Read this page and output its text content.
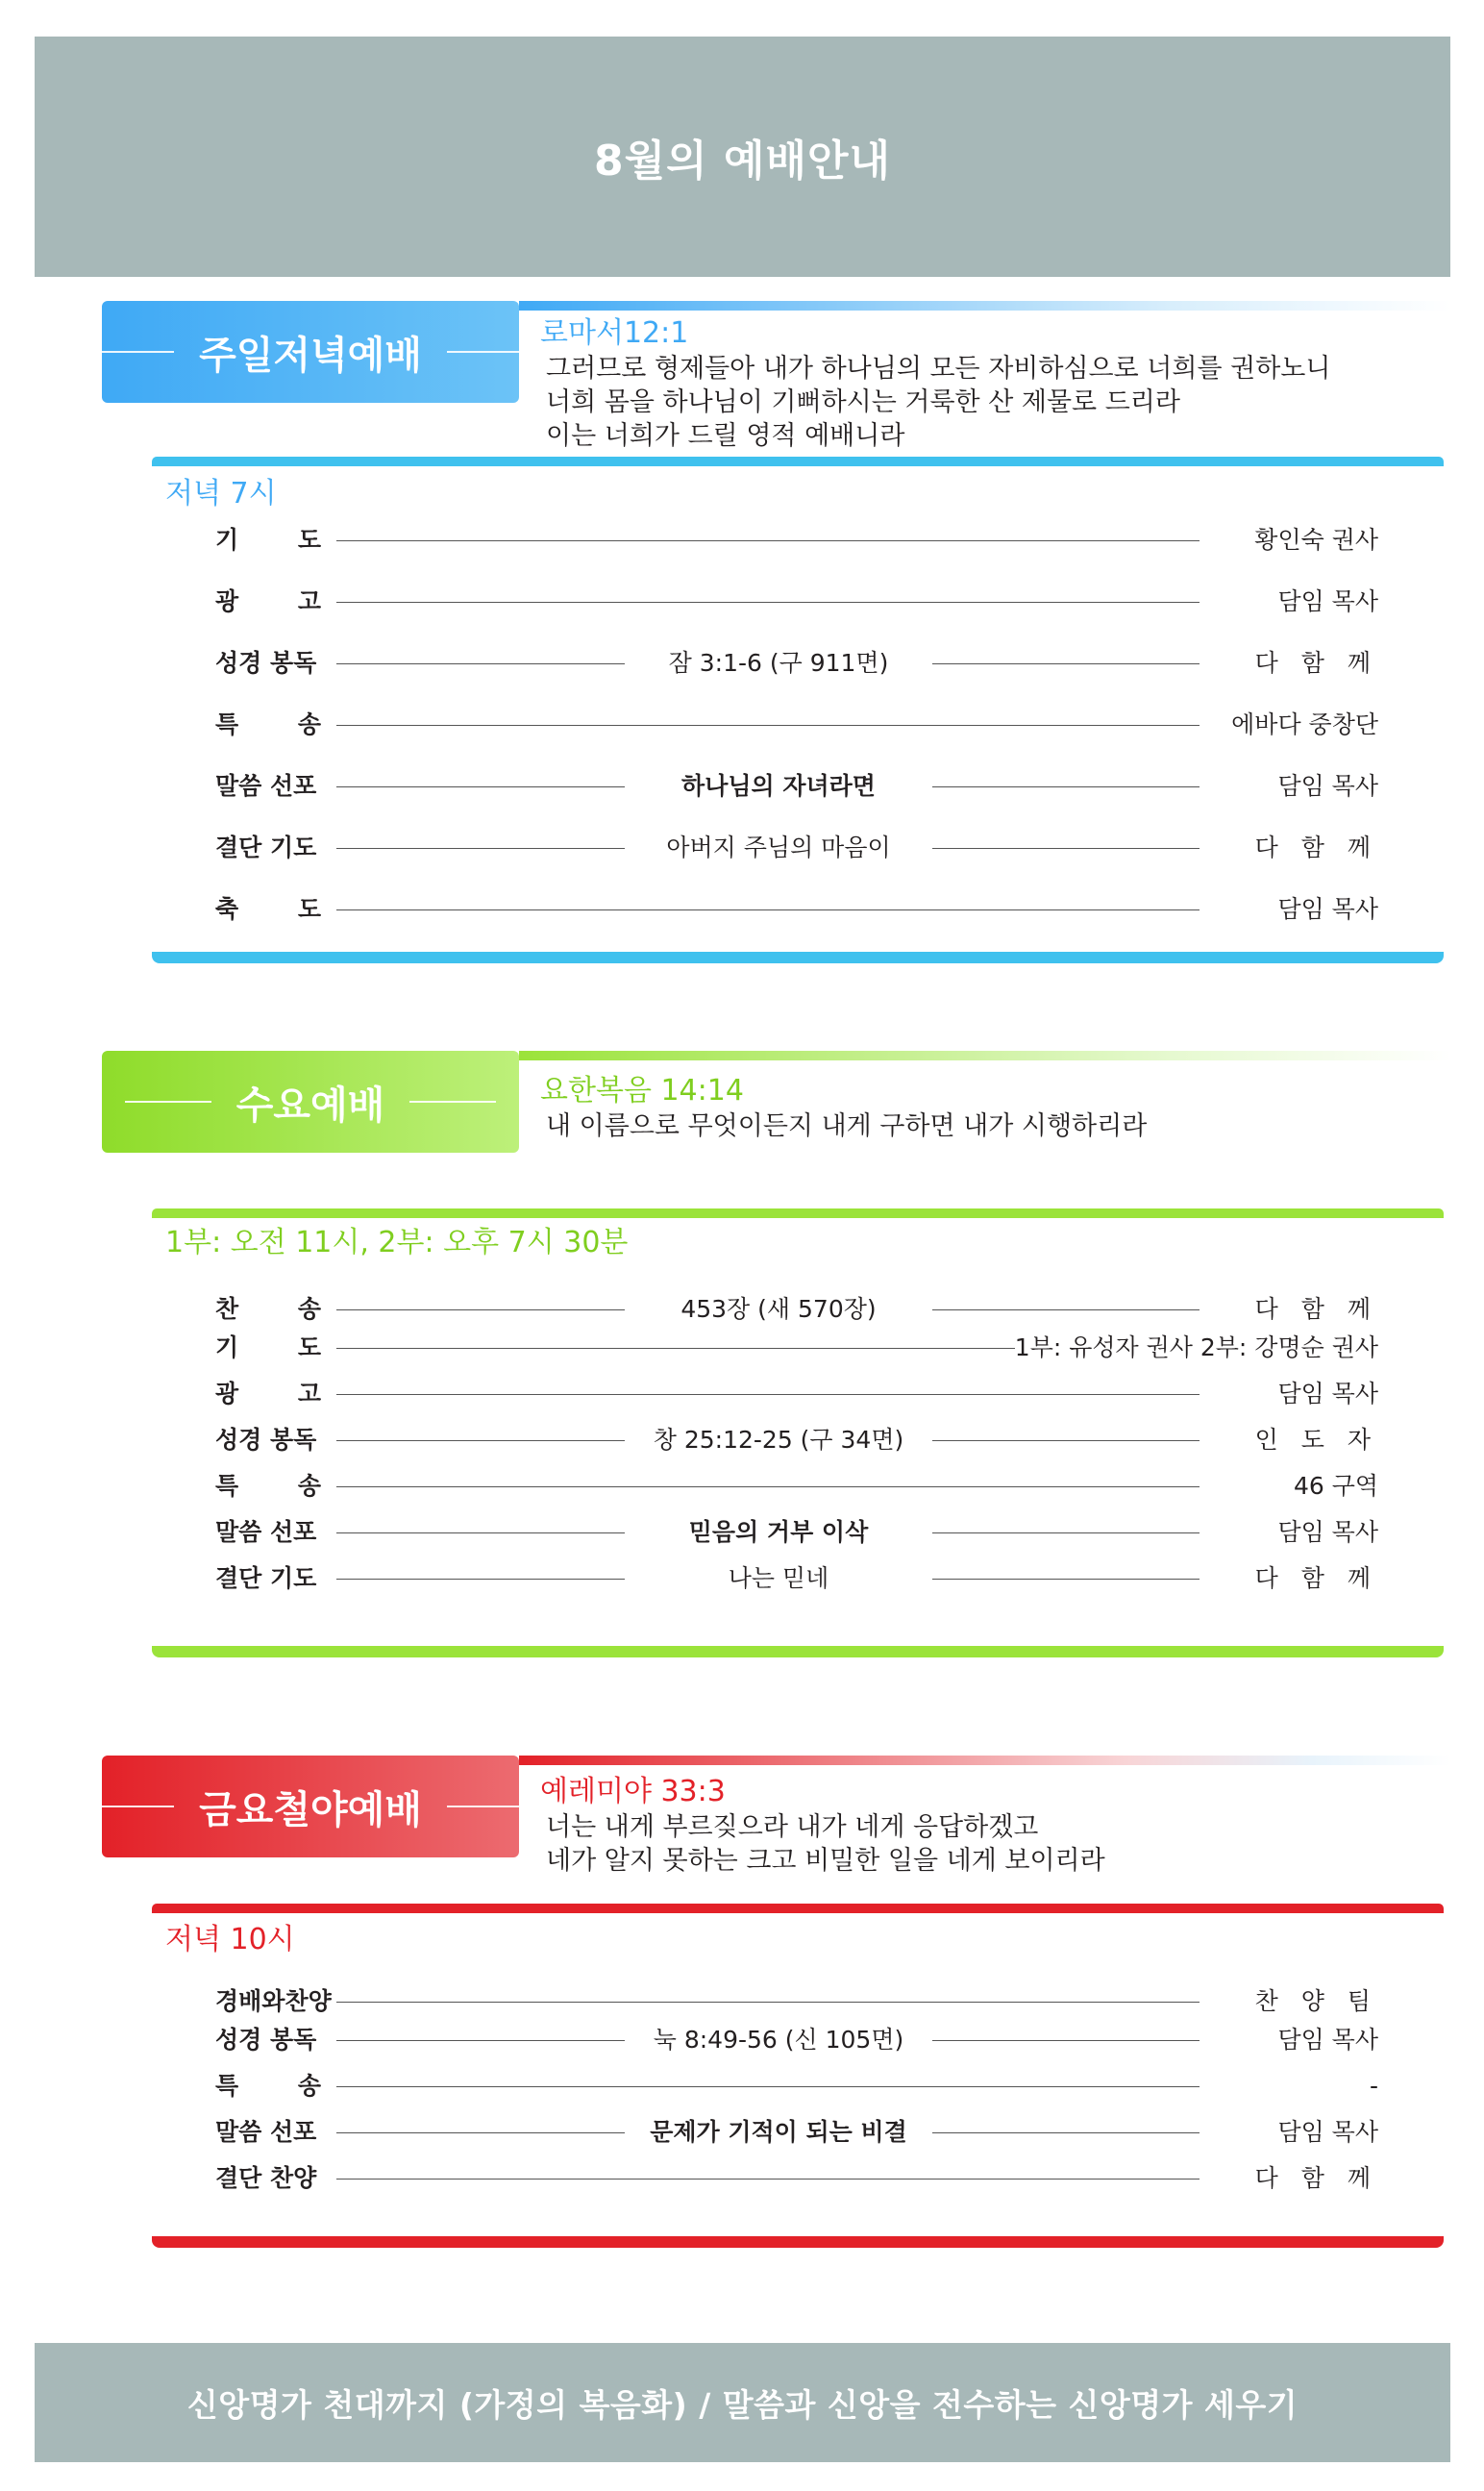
8월의 예배안내
주일저녁예배	로마서12:1
그러므로 형제들아 내가 하나님의 모든 자비하심으로 너희를 권하노니
너희 몸을 하나님이 기뻐하시는 거룩한 산 제물로 드리라
이는 너희가 드릴 영적 예배니라
저녁 7시
기 도	황인숙 권사
광 고	담임 목사
성경 봉독	잠 3:1-6 (구 911면)	다 함 께
특 송	에바다 중창단
말씀 선포	하나님의 자녀라면	담임 목사
결단 기도	아버지 주님의 마음이	다 함 께
축 도	담임 목사
수요예배	요한복음 14:14
내 이름으로 무엇이든지 내게 구하면 내가 시행하리라
1부: 오전 11시, 2부: 오후 7시 30분
찬 송	453장 (새 570장)	다 함 께
기 도	1부: 유성자 권사 2부: 강명순 권사
광 고	담임 목사
성경 봉독	창 25:12-25 (구 34면)	인 도 자
특 송	46 구역
말씀 선포	믿음의 거부 이삭	담임 목사
결단 기도	나는 믿네	다 함 께
금요철야예배	예레미야 33:3
너는 내게 부르짖으라 내가 네게 응답하겠고
네가 알지 못하는 크고 비밀한 일을 네게 보이리라
저녁 10시
경배와찬양	찬 양 팀
성경 봉독	눅 8:49-56 (신 105면)	담임 목사
특 송	-
말씀 선포	문제가 기적이 되는 비결	담임 목사
결단 찬양	다 함 께
신앙명가 천대까지 (가정의 복음화) / 말씀과 신앙을 전수하는 신앙명가 세우기
